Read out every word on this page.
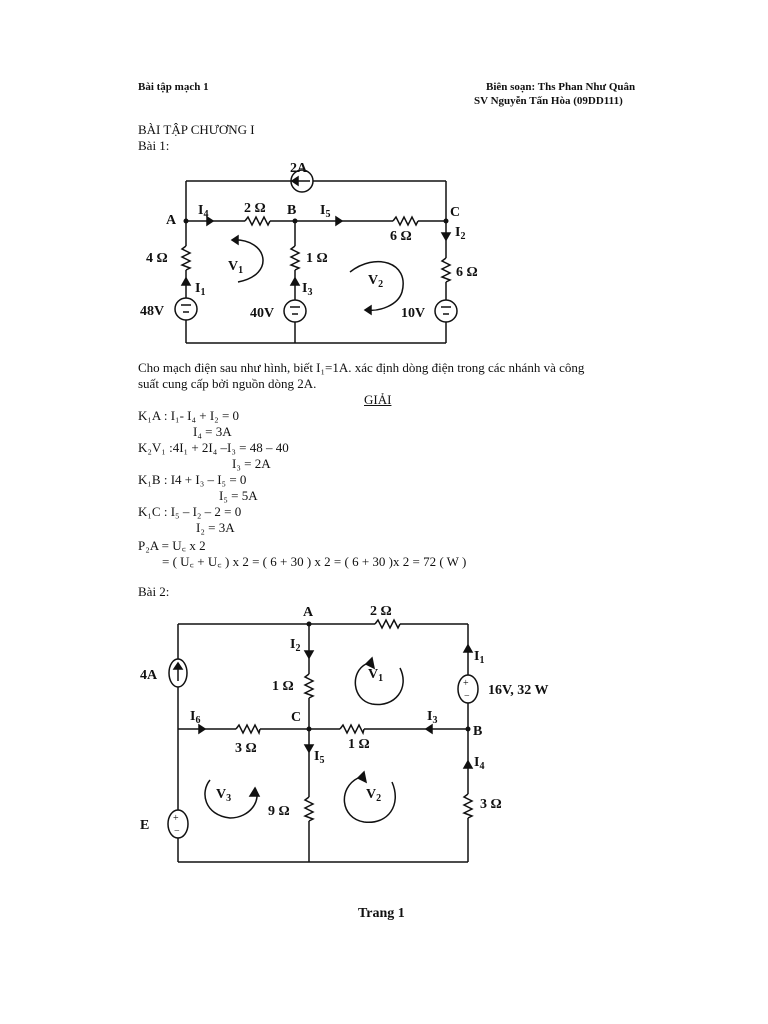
Bài tập mạch 1	Biên soạn: Ths Phan Như Quân
SV Nguyễn Tấn Hòa (09DD111)
BÀI TẬP CHƯƠNG I
Bài 1:
2A
A
B	C
$I_4$	$I_5$
$I_2$
$I_1$	$I_3$
$V_1$
$V_2$
2 Ω
6 Ω
4 Ω	1 Ω
6 Ω
48V	40V	10V
+
−
+
−
A
C
B
4A
16V, 32 W
E
2 Ω
1 Ω
3 Ω	1 Ω
9 Ω	3 Ω
$I_2$
$I_1$
$I_6$	$I_3$
$I_5$	$I_4$
$V_1$
$V_2$
$V_3$
Cho mạch điện sau như hình, biết I₁=1A. xác định dòng điện trong các nhánh và công
suất cung cấp bởi nguồn dòng 2A.
GIẢI
K₁A : I₁- I₄ + I₂ = 0
I₄ = 3A
K₂V₁ :4I₁ + 2I₄ –I₃ = 48 – 40
I₃ = 2A
K₁B : I4 + I₃ – I₅ = 0
I₅ = 5A
K₁C : I₅ – I₂ – 2 = 0
I₂ = 3A
P₂A = U꜀ x 2
= ( U꜀ + U꜀ ) x 2 = ( 6 + 30 ) x 2 = ( 6 + 30 )x 2 = 72 ( W )
Bài 2:
Trang 1
